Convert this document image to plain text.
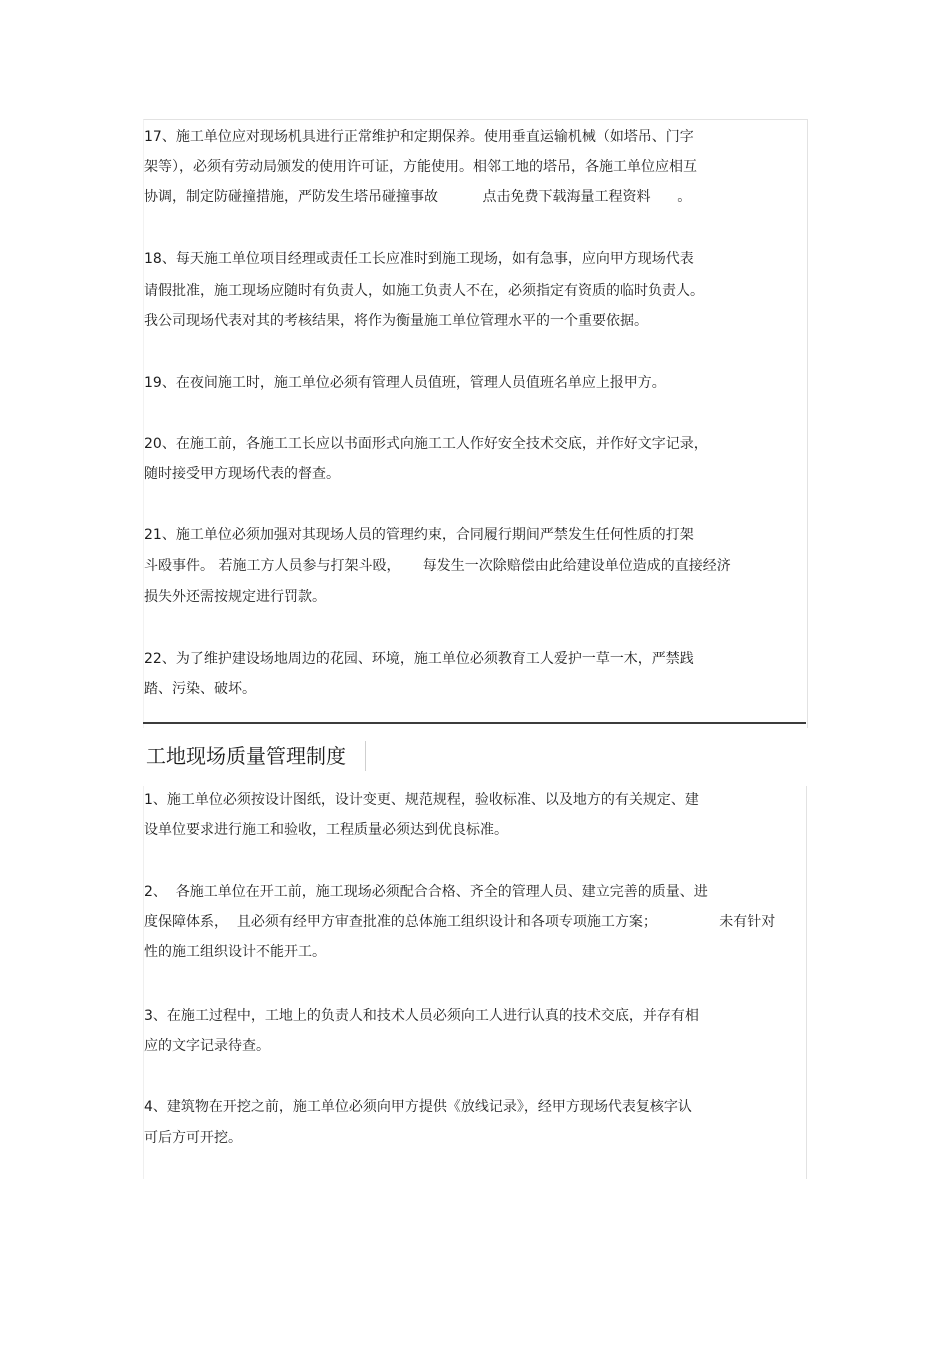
17、施工单位应对现场机具进行正常维护和定期保养。使用垂直运输机械（如塔吊、门字
架等），必须有劳动局颁发的使用许可证，方能使用。相邻工地的塔吊，各施工单位应相互
协调，制定防碰撞措施，严防发生塔吊碰撞事故          点击免费下载海量工程资料      。
18、每天施工单位项目经理或责任工长应准时到施工现场，如有急事，应向甲方现场代表
请假批准，施工现场应随时有负责人，如施工负责人不在，必须指定有资质的临时负责人。
我公司现场代表对其的考核结果，将作为衡量施工单位管理水平的一个重要依据。
19、在夜间施工时，施工单位必须有管理人员值班，管理人员值班名单应上报甲方。
20、在施工前，各施工工长应以书面形式向施工工人作好安全技术交底，并作好文字记录，
随时接受甲方现场代表的督查。
21、施工单位必须加强对其现场人员的管理约束，合同履行期间严禁发生任何性质的打架
斗殴事件。 若施工方人员参与打架斗殴，     每发生一次除赔偿由此给建设单位造成的直接经济
损失外还需按规定进行罚款。
22、为了维护建设场地周边的花园、环境，施工单位必须教育工人爱护一草一木，严禁践
踏、污染、破坏。
工地现场质量管理制度
1、施工单位必须按设计图纸，设计变更、规范规程，验收标准、以及地方的有关规定、建
设单位要求进行施工和验收，工程质量必须达到优良标准。
2、  各施工单位在开工前，施工现场必须配合合格、齐全的管理人员、建立完善的质量、进
度保障体系，  且必须有经甲方审查批准的总体施工组织设计和各项专项施工方案；              未有针对
性的施工组织设计不能开工。
3、在施工过程中，工地上的负责人和技术人员必须向工人进行认真的技术交底，并存有相
应的文字记录待查。
4、建筑物在开挖之前，施工单位必须向甲方提供《放线记录》，经甲方现场代表复核字认
可后方可开挖。
